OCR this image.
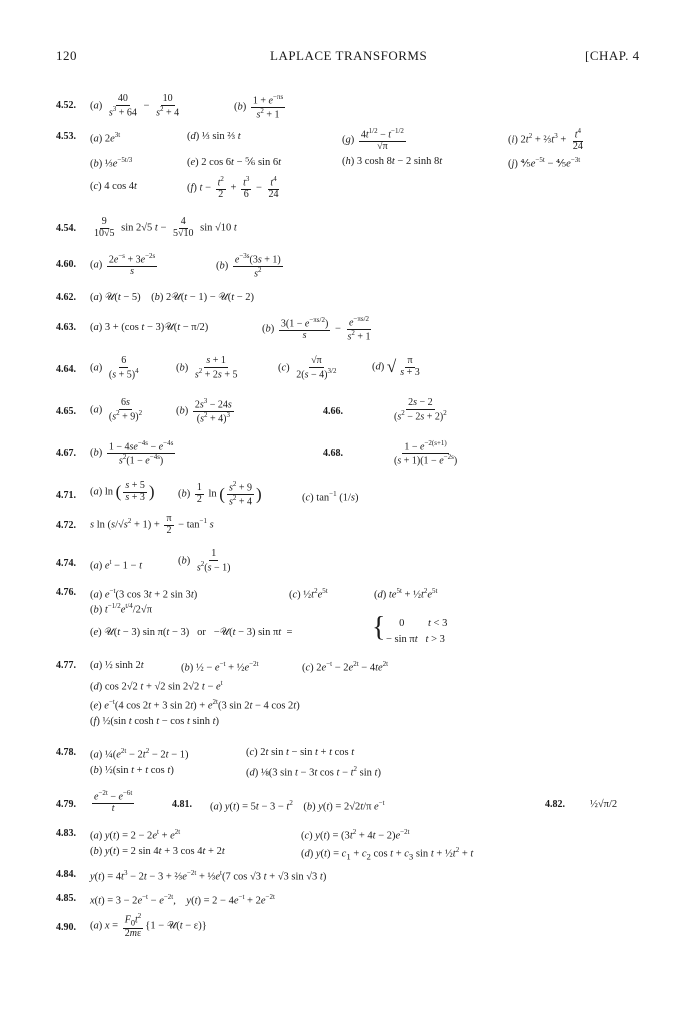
120	LAPLACE TRANSFORMS	[CHAP. 4
4.52. $(a) \frac{40}{s^3 + 64} - \frac{10}{s^2 + 4}$	$(b) \frac{1 + e^{-\pi s}}{s^2 + 1}$
4.53. (a) $2e^{3t}$	(d) ⅓ sin ⅔ t	$(g) \frac{4t^{1/2} - t^{-1/2}}{√\pi}$	(i) $2t^2$ + $\frac{2}{3}t^3 + \frac{t^4}{24}$
(b) $\frac{1}{3}e^{-5t/3}$	(e) 2 cos 6t − ⅚ sin 6t	(h) 3 cosh 8t − 2 sinh 8t	(j) $\frac{4}{5}e^{-5t}$ − $\frac{4}{5}e^{-3t}$
(c) 4 cos 4t	(f) $t - \frac{t^2}{2} + \frac{t^3}{6} - \frac{t^4}{24}$
4.54. $\frac{9}{10√5}$ sin 2√5 $t - \frac{4}{5√10}$ sin √10 t
4.60. $(a) \frac{2e^{-s} + 3e^{-2s}}{s}$	$(b) \frac{e^{-3s}(3s + 1)}{s^2}$
4.62. (a) 𝒰(t − 5)    (b) 2𝒰(t − 1) − 𝒰(t − 2)
4.63. (a) 3 + (cos t − 3)𝒰(t − π/2)	$(b) \frac{3(1 - e^{-\pi s/2})}{s} - \frac{e^{-\pi s/2}}{s^2 + 1}$
4.64. $(a) \frac{6}{(s + 5)^4}$	$(b) \frac{s + 1}{s^2 + 2s + 5}$	$(c) \frac{√\pi}{2(s - 4)^{3/2}}$	(d) √ $\frac{\pi}{s + 3}$
4.65. $(a) \frac{6s}{(s^2 + 9)^2}$	$(b) \frac{2s^3 - 24s}{(s^2 + 4)^3}$	4.66.	$\frac{2s - 2}{(s^2 - 2s + 2)^2}$
4.67. $(b) \frac{1 - 4se^{-4s} - e^{-4s}}{s^2(1 - e^{-4s})}$	4.68.	$\frac{1 - e^{-2(s+1)}}{(s + 1)(1 - e^{-2s})}$
4.71. (a) ln ( $\frac{s + 5}{s + 3}$ ) $(b) \frac{1}{2}$ ln ( $\frac{s^2 + 9}{s^2 + 4}$ )	(c) $\tan^{-1} (1/s)$
4.72. s $\ln (s/√s^2 + 1) + \frac{\pi}{2} - \tan^{-1} s$
4.74. (a) $e^t - 1 - t$	$(b) \frac{1}{s^2(s - 1)}$
4.76. (a) $e^{-t}(3$ cos 3t + 2 sin 3t)	(c) $\frac{1}{2}t^2e^{5t}$	(d) $te^{5t}$ + $\frac{1}{2}t^2e^{5t}$
(b) $t^{-1/2}e^{t/4}/2√\pi$
(e) 𝒰(t − 3) sin π(t − 3)   or   −𝒰(t − 3) sin πt  =	{ 0         t < 3
− sin πt t > 3
4.77. (a) ½ sinh 2t	(b) ½ − $e^{-t}$ + $\frac{1}{2}e^{-2t}$	(c) $2e^{-t} - 2e^{2t} - 4te^{2t}$
(d) cos 2√2 t + √2 sin 2√2 $t - e^t$
(e) $e^{-t}(4$ cos 2t + 3 $\sin 2t) + e^{2t}(3$ sin 2t − 4 cos 2t)
(f) ½(sin t cosh t − cos t sinh t)
4.78. (a) $\frac{1}{4}(e^{2t} - 2t^2 - 2t - 1)$	(c) 2t sin t − sin t + t cos t
(b) ½(sin t + t cos t)	(d) ⅛(3 sin t − 3t $\cos t - t^2$ sin t)
4.79. $\frac{e^{-2t} - e^{-6t}}{t}$	4.81. (a) $y(t) = 5t - 3 - t^2$    (b) y(t) = 2√2t/π $e^{-t}$	4.82. ½√π/2
4.83. (a) $y(t) = 2 - 2e^t + e^{2t}$	(c) $y(t) = (3t^2 + 4t - 2)e^{-2t}$
(b) y(t) = 2 sin 4t + 3 cos 4t + 2t	(d) $y(t) = c_1 + c_2$ $\cos t + c_3$ $\sin t + \frac{1}{2}t^2 + t$
4.84. $y(t) = 4t^3 - 2t - 3$ + $\frac{2}{3}e^{-2t}$ + $\frac{1}{3}e^t(7$ cos √3 t + √3 sin √3 t)
4.85. $x(t) = 3 - 2e^{-t} - e^{-2t}$,    $y(t) = 2 - 4e^{-t} + 2e^{-2t}$
4.90. (a) $x = \frac{F_0t^2}{2m\varepsilon} \{1$ − 𝒰(t − ε)}
